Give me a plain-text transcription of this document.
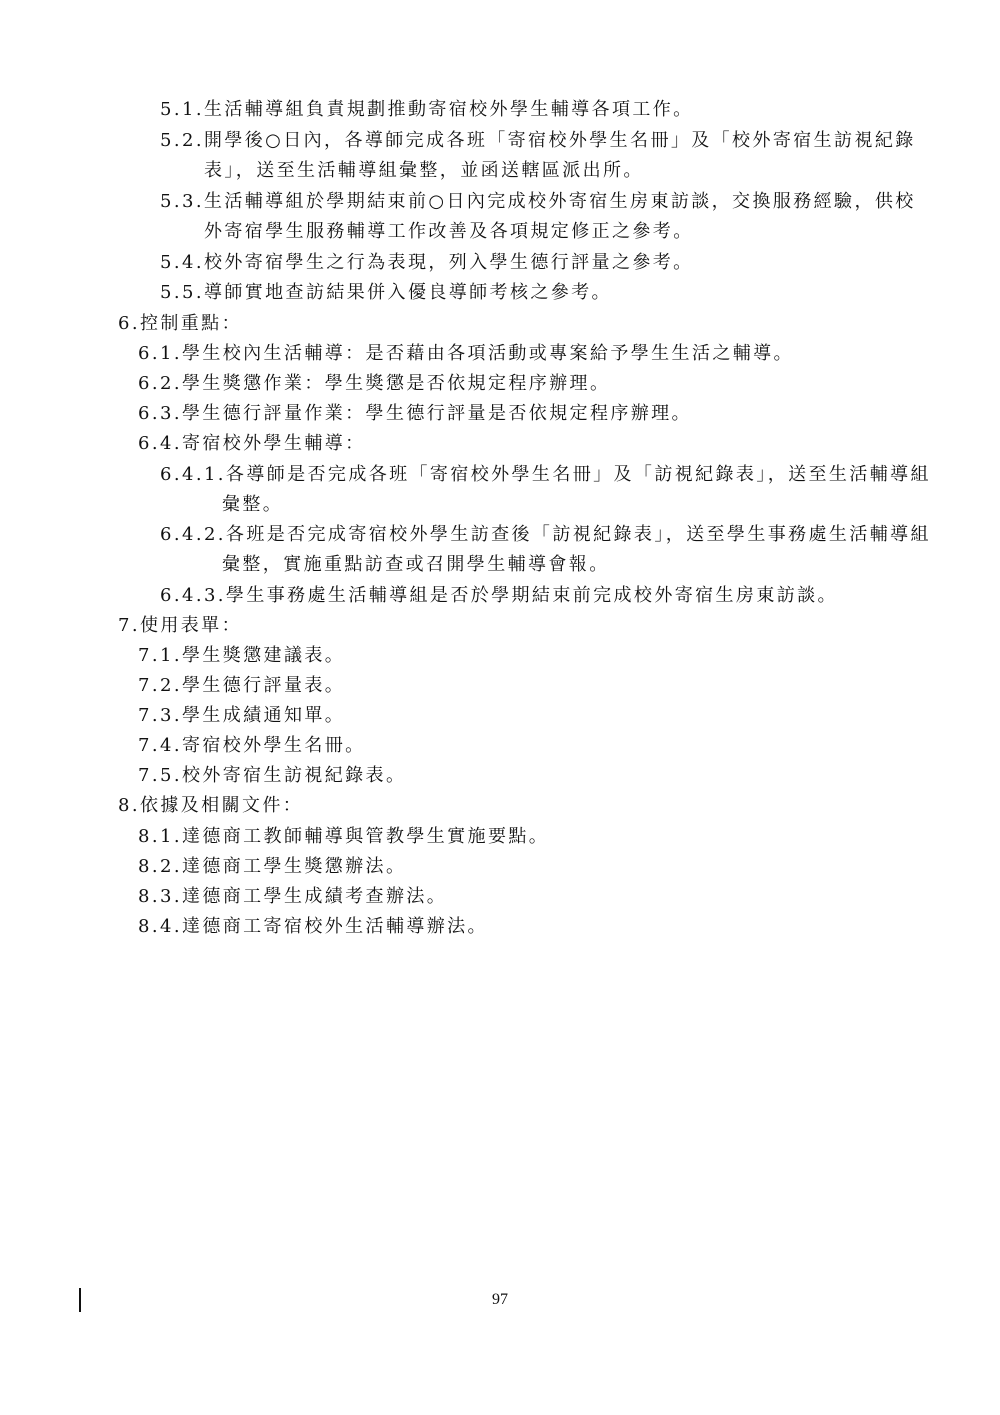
5.1.生活輔導組負責規劃推動寄宿校外學生輔導各項工作。
5.2.開學後○日內，各導師完成各班「寄宿校外學生名冊」及「校外寄宿生訪視紀錄
表」，送至生活輔導組彙整，並函送轄區派出所。
5.3.生活輔導組於學期結束前○日內完成校外寄宿生房東訪談，交換服務經驗，供校
外寄宿學生服務輔導工作改善及各項規定修正之參考。
5.4.校外寄宿學生之行為表現，列入學生德行評量之參考。
5.5.導師實地查訪結果併入優良導師考核之參考。
6.控制重點：
6.1.學生校內生活輔導：是否藉由各項活動或專案給予學生生活之輔導。
6.2.學生獎懲作業：學生獎懲是否依規定程序辦理。
6.3.學生德行評量作業：學生德行評量是否依規定程序辦理。
6.4.寄宿校外學生輔導：
6.4.1.各導師是否完成各班「寄宿校外學生名冊」及「訪視紀錄表」，送至生活輔導組
彙整。
6.4.2.各班是否完成寄宿校外學生訪查後「訪視紀錄表」，送至學生事務處生活輔導組
彙整，實施重點訪查或召開學生輔導會報。
6.4.3.學生事務處生活輔導組是否於學期結束前完成校外寄宿生房東訪談。
7.使用表單：
7.1.學生獎懲建議表。
7.2.學生德行評量表。
7.3.學生成績通知單。
7.4.寄宿校外學生名冊。
7.5.校外寄宿生訪視紀錄表。
8.依據及相關文件：
8.1.達德商工教師輔導與管教學生實施要點。
8.2.達德商工學生獎懲辦法。
8.3.達德商工學生成績考查辦法。
8.4.達德商工寄宿校外生活輔導辦法。
97
